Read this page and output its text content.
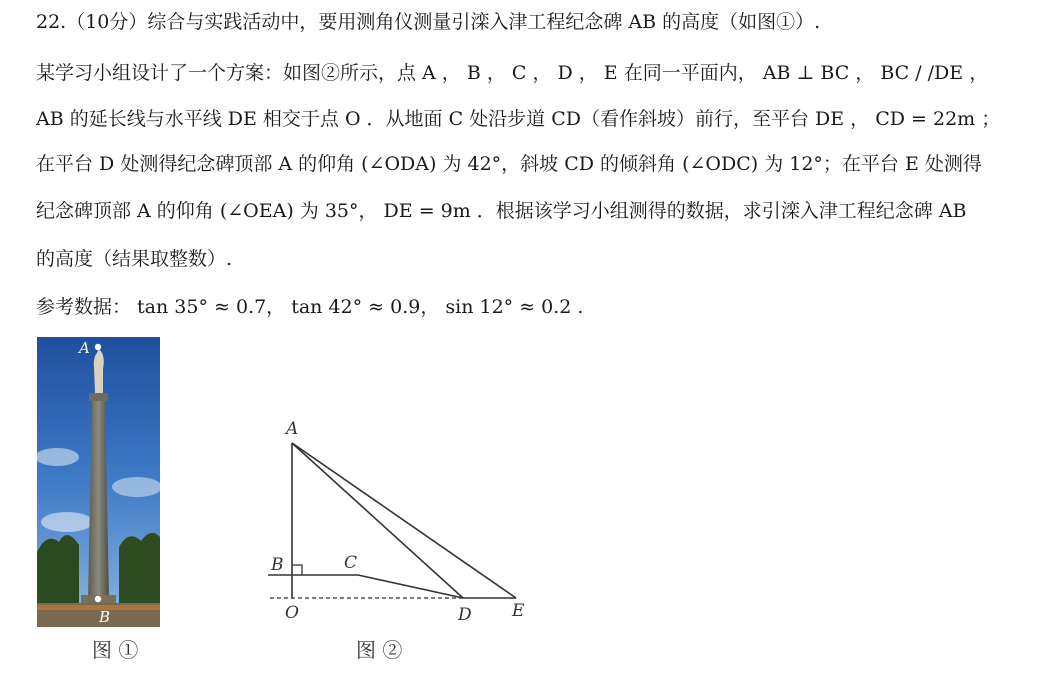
22.（10分）综合与实践活动中，要用测角仪测量引滦入津工程纪念碑 AB 的高度（如图①）.
某学习小组设计了一个方案：如图②所示，点 A ， B ， C ， D ， E 在同一平面内， AB ⊥ BC ， BC / /DE ，
AB 的延长线与水平线 DE 相交于点 O ．从地面 C 处沿步道 CD（看作斜坡）前行，至平台 DE ， CD = 22m ；
在平台 D 处测得纪念碑顶部 A 的仰角 (∠ODA) 为 42°，斜坡 CD 的倾斜角 (∠ODC) 为 12°；在平台 E 处测得
纪念碑顶部 A 的仰角 (∠OEA) 为 35°， DE = 9m ．根据该学习小组测得的数据，求引滦入津工程纪念碑 AB
的高度（结果取整数）.
参考数据： tan 35° ≈ 0.7， tan 42° ≈ 0.9， sin 12° ≈ 0.2 .
A
B
图 ①
A
B	C
O	D E
图 ②
